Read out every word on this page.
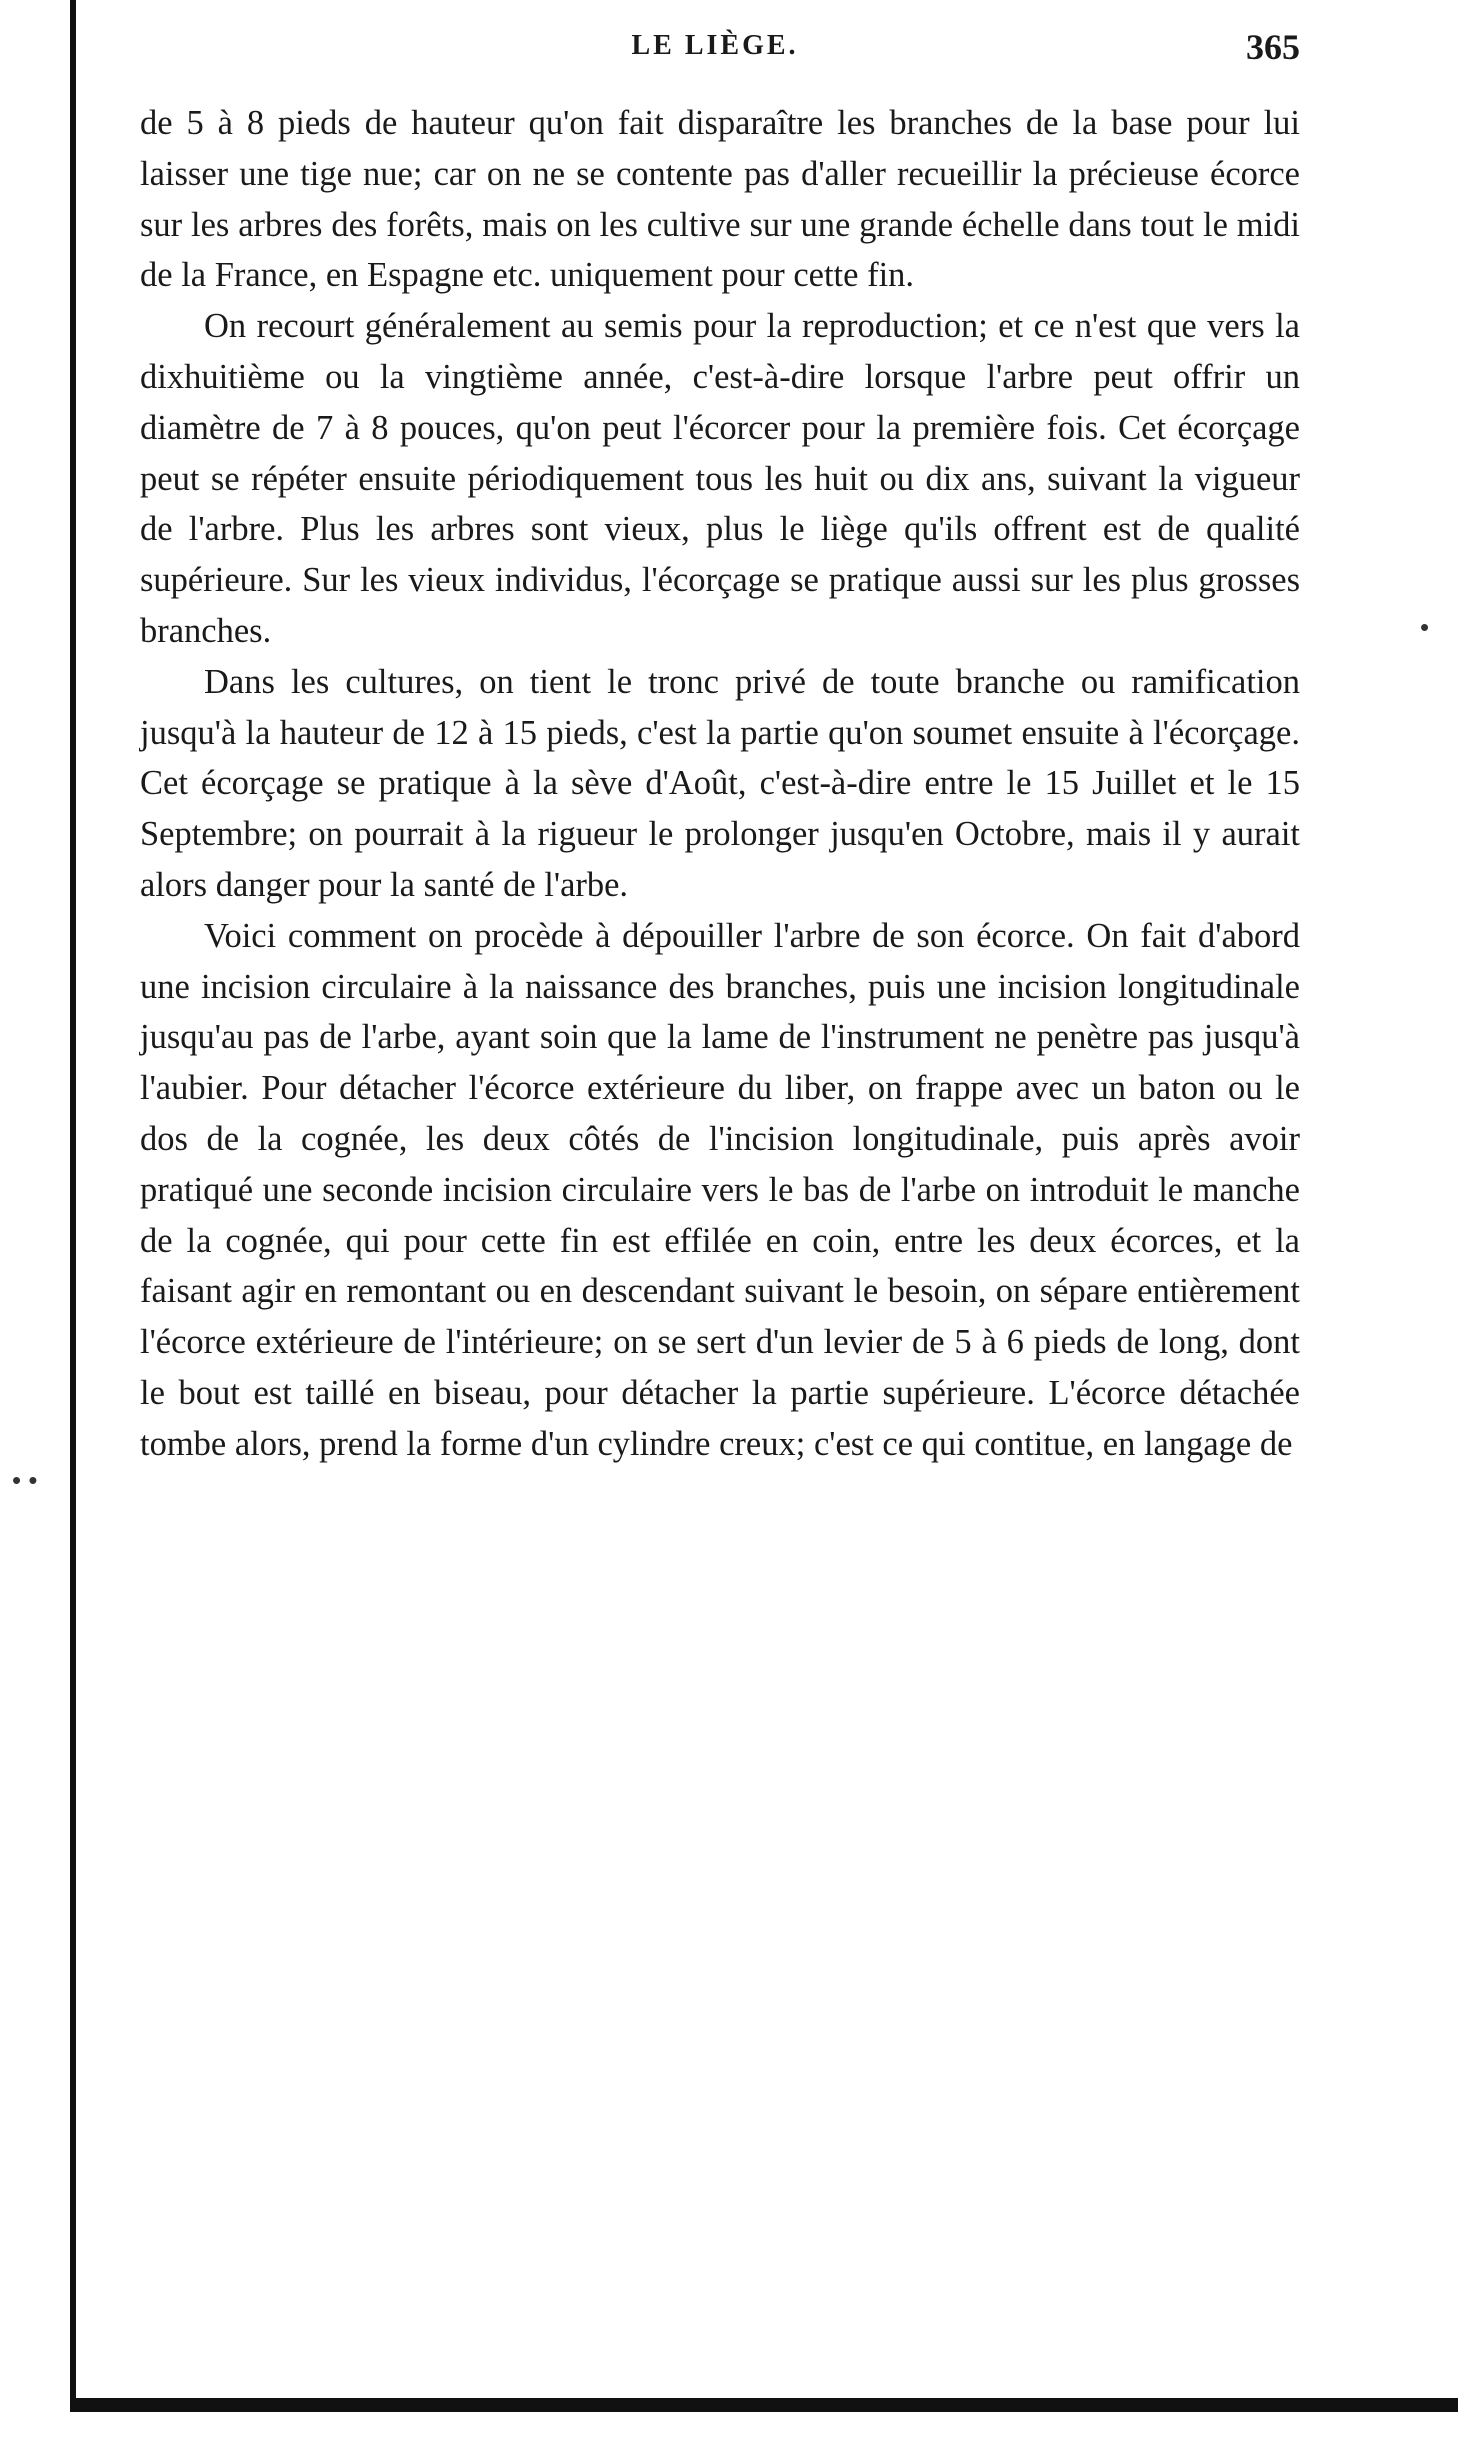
•
• •
LE LIÈGE.	365

de 5 à 8 pieds de hauteur qu'on fait disparaître les branches de la base pour lui laisser une tige nue; car on ne se contente pas d'aller recueillir la précieuse écorce sur les arbres des forêts, mais on les cultive sur une grande échelle dans tout le midi de la France, en Espagne etc. uniquement pour cette fin.

On recourt généralement au semis pour la reproduction; et ce n'est que vers la dixhuitième ou la vingtième année, c'est-à-dire lorsque l'arbre peut offrir un diamètre de 7 à 8 pouces, qu'on peut l'écorcer pour la première fois. Cet écorçage peut se répéter ensuite périodiquement tous les huit ou dix ans, suivant la vigueur de l'arbre. Plus les arbres sont vieux, plus le liège qu'ils offrent est de qualité supérieure. Sur les vieux individus, l'écorçage se pratique aussi sur les plus grosses branches.

Dans les cultures, on tient le tronc privé de toute branche ou ramification jusqu'à la hauteur de 12 à 15 pieds, c'est la partie qu'on soumet ensuite à l'écorçage. Cet écorçage se pratique à la sève d'Août, c'est-à-dire entre le 15 Juillet et le 15 Septembre; on pourrait à la rigueur le prolonger jusqu'en Octobre, mais il y aurait alors danger pour la santé de l'arbe.

Voici comment on procède à dépouiller l'arbre de son écorce. On fait d'abord une incision circulaire à la naissance des branches, puis une incision longitudinale jusqu'au pas de l'arbe, ayant soin que la lame de l'instrument ne penètre pas jusqu'à l'aubier. Pour détacher l'écorce extérieure du liber, on frappe avec un baton ou le dos de la cognée, les deux côtés de l'incision longitudinale, puis après avoir pratiqué une seconde incision circulaire vers le bas de l'arbe on introduit le manche de la cognée, qui pour cette fin est effilée en coin, entre les deux écorces, et la faisant agir en remontant ou en descendant suivant le besoin, on sépare entièrement l'écorce extérieure de l'intérieure; on se sert d'un levier de 5 à 6 pieds de long, dont le bout est taillé en biseau, pour détacher la partie supérieure. L'écorce détachée tombe alors, prend la forme d'un cylindre creux; c'est ce qui contitue, en langage de
